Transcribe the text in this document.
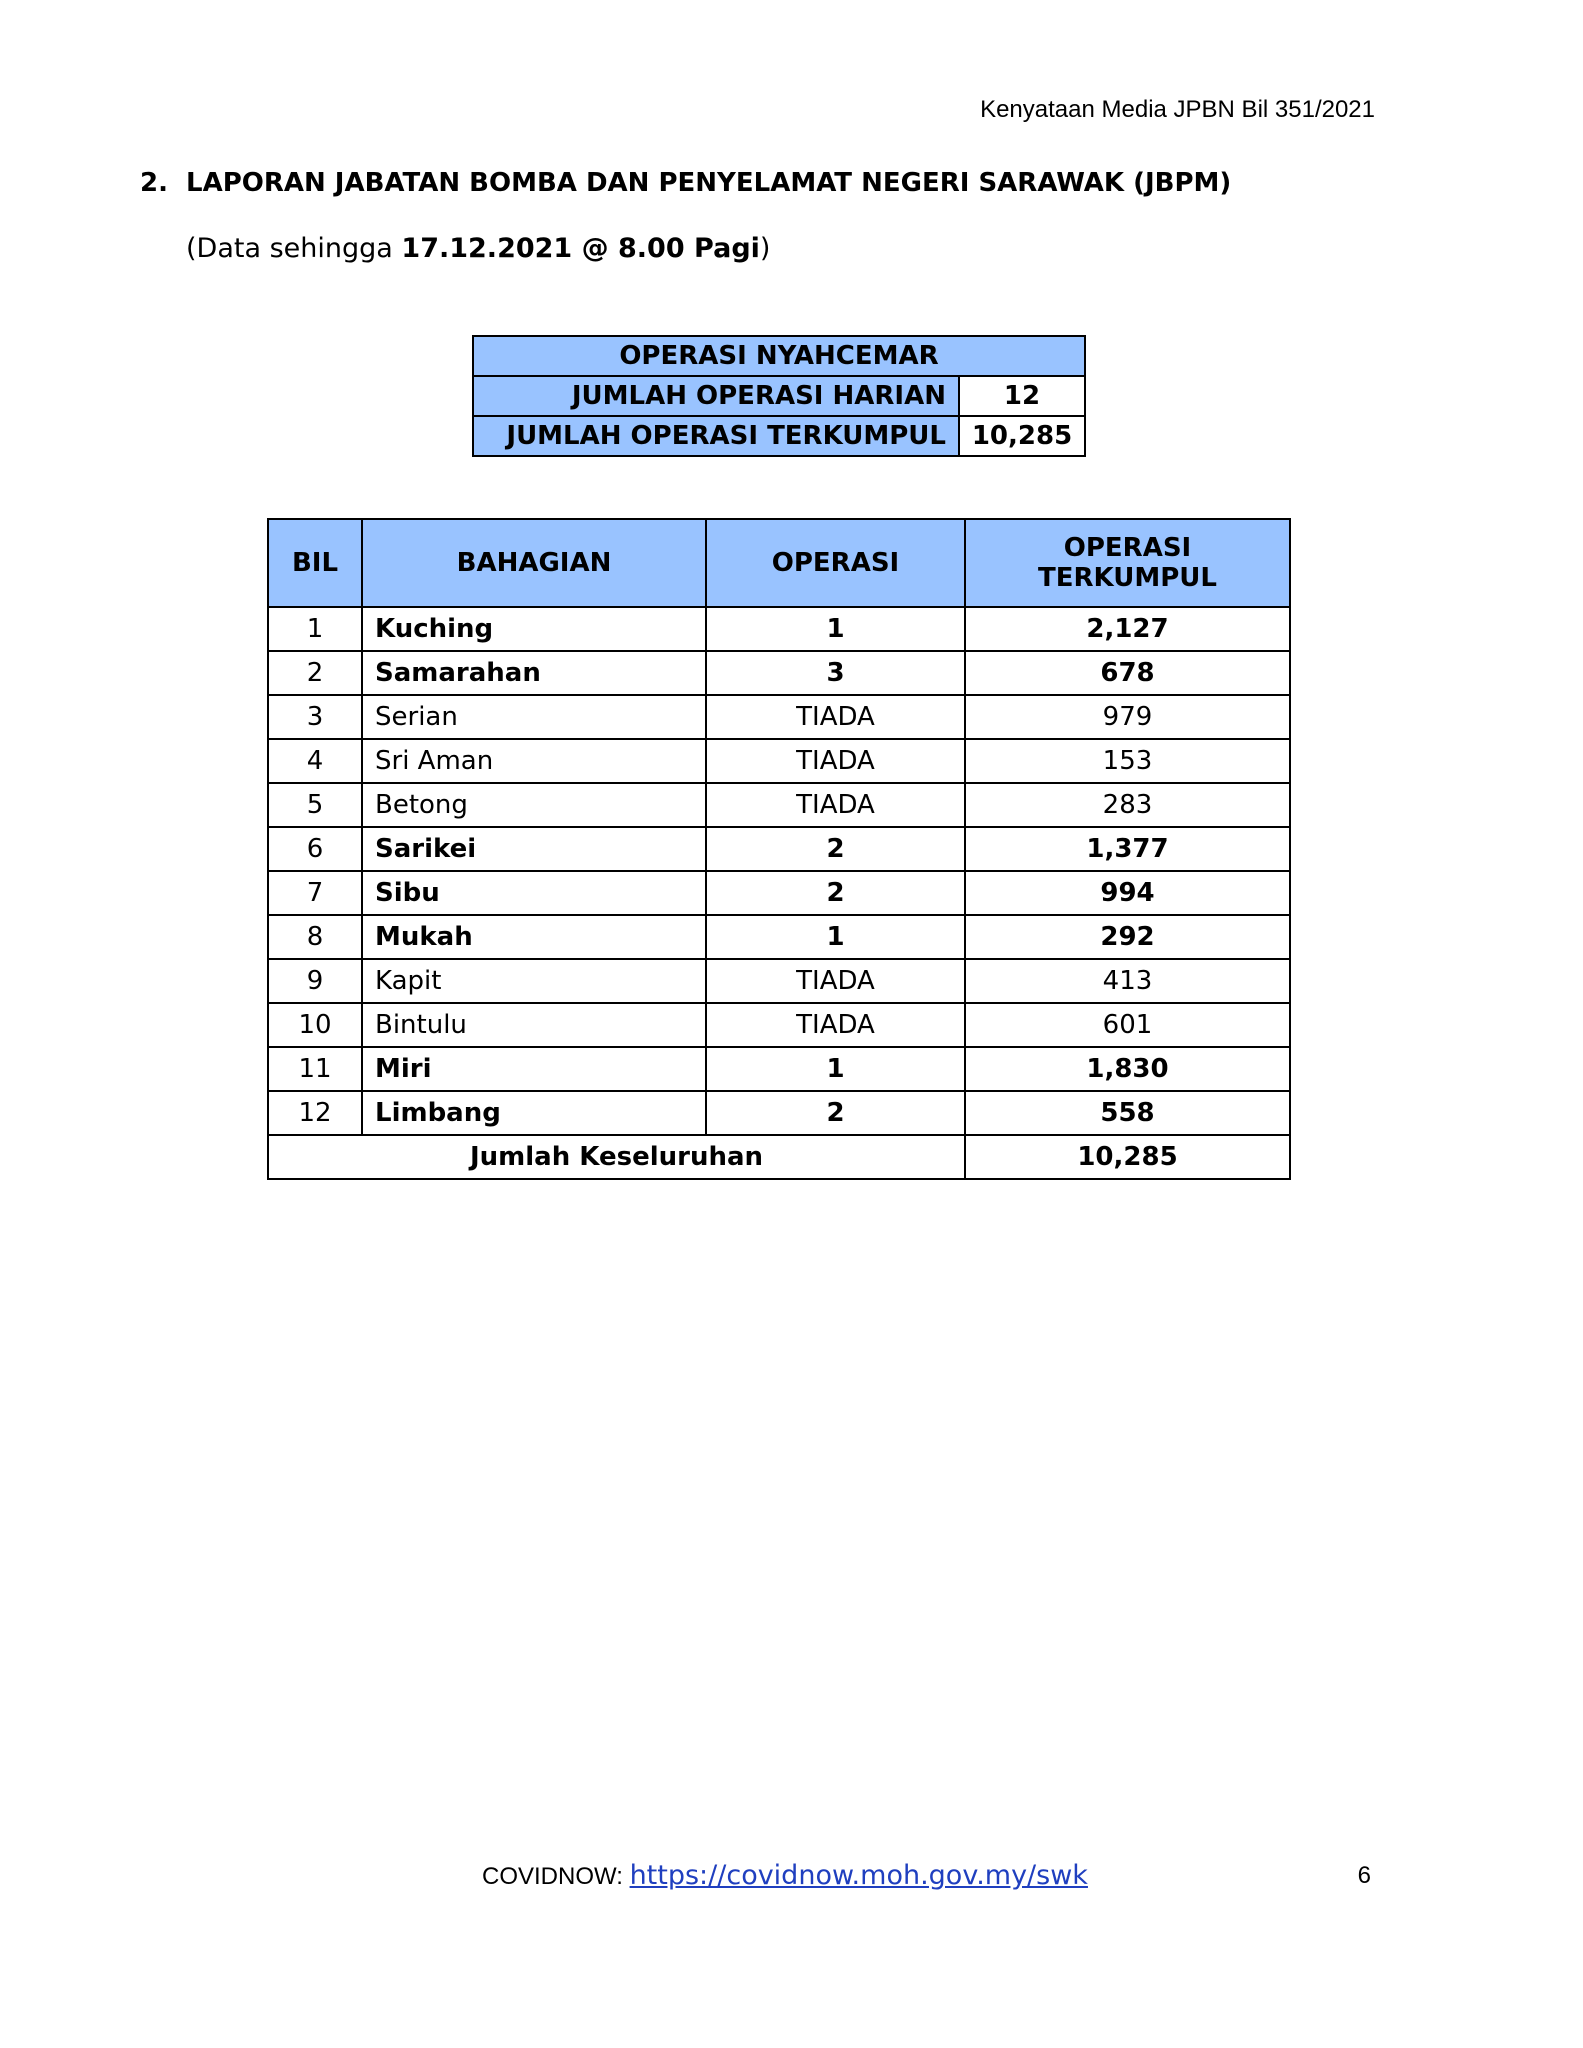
Kenyataan Media JPBN Bil 351/2021
2. LAPORAN JABATAN BOMBA DAN PENYELAMAT NEGERI SARAWAK (JBPM)
(Data sehingga 17.12.2021 @ 8.00 Pagi)
OPERASI NYAHCEMAR	
JUMLAH OPERASI HARIAN	12
JUMLAH OPERASI TERKUMPUL	10,285
BIL	BAHAGIAN	OPERASI	OPERASI
TERKUMPUL

1	Kuching	1	2,127
2	Samarahan	3	678
3	Serian	TIADA	979
4	Sri Aman	TIADA	153
5	Betong	TIADA	283
6	Sarikei	2	1,377
7	Sibu	2	994
8	Mukah	1	292
9	Kapit	TIADA	413
10	Bintulu	TIADA	601
11	Miri	1	1,830
12	Limbang	2	558
Jumlah Keseluruhan			10,285
COVIDNOW: https://covidnow.moh.gov.my/swk	6
